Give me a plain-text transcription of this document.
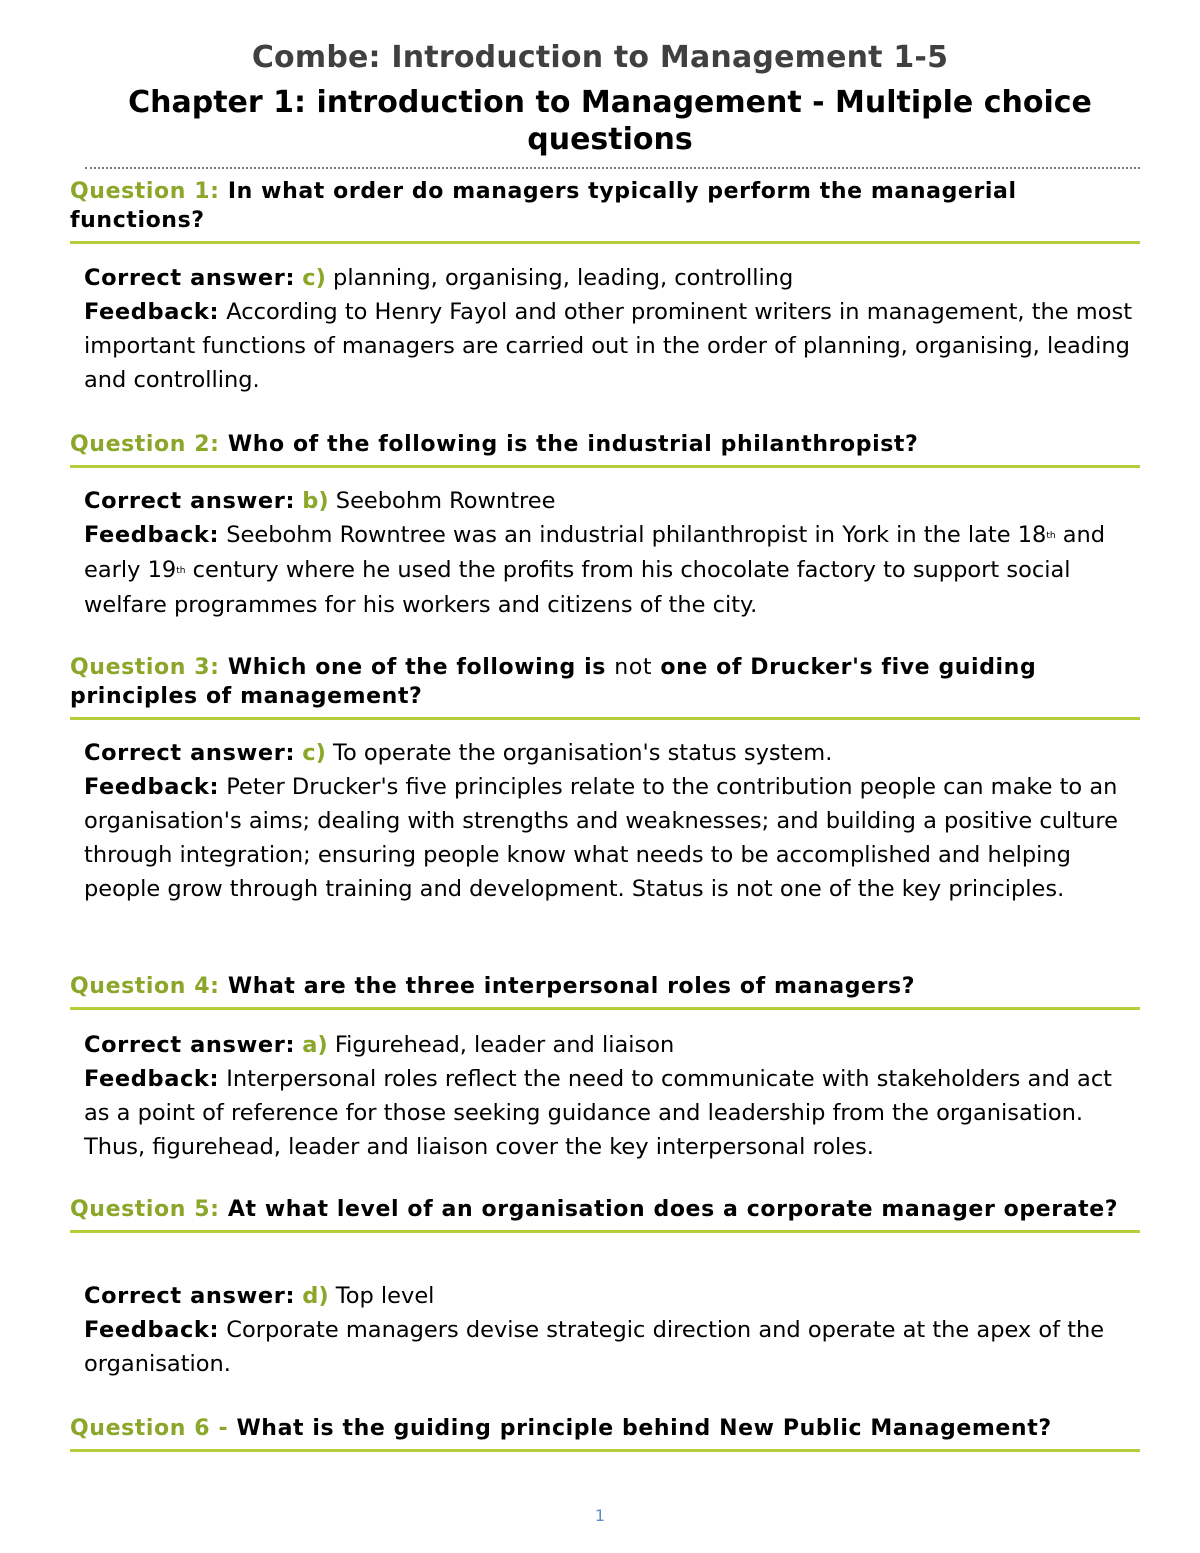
Combe: Introduction to Management 1-5
Chapter 1: introduction to Management - Multiple choice questions

Question 1: In what order do managers typically perform the managerial functions?

Correct answer: c) planning, organising, leading, controlling

Feedback: According to Henry Fayol and other prominent writers in management, the most important functions of managers are carried out in the order of planning, organising, leading and controlling.

Question 2: Who of the following is the industrial philanthropist?

Correct answer: b) Seebohm Rowntree

Feedback: Seebohm Rowntree was an industrial philanthropist in York in the late 18th and early 19th century where he used the profits from his chocolate factory to support social welfare programmes for his workers and citizens of the city.

Question 3: Which one of the following is not one of Drucker's five guiding principles of management?

Correct answer: c) To operate the organisation's status system.

Feedback: Peter Drucker's five principles relate to the contribution people can make to an organisation's aims; dealing with strengths and weaknesses; and building a positive culture through integration; ensuring people know what needs to be accomplished and helping people grow through training and development. Status is not one of the key principles.

Question 4: What are the three interpersonal roles of managers?

Correct answer: a) Figurehead, leader and liaison

Feedback: Interpersonal roles reflect the need to communicate with stakeholders and act as a point of reference for those seeking guidance and leadership from the organisation. Thus, figurehead, leader and liaison cover the key interpersonal roles.

Question 5: At what level of an organisation does a corporate manager operate?

Correct answer: d) Top level

Feedback: Corporate managers devise strategic direction and operate at the apex of the organisation.

Question 6 - What is the guiding principle behind New Public Management?

1
